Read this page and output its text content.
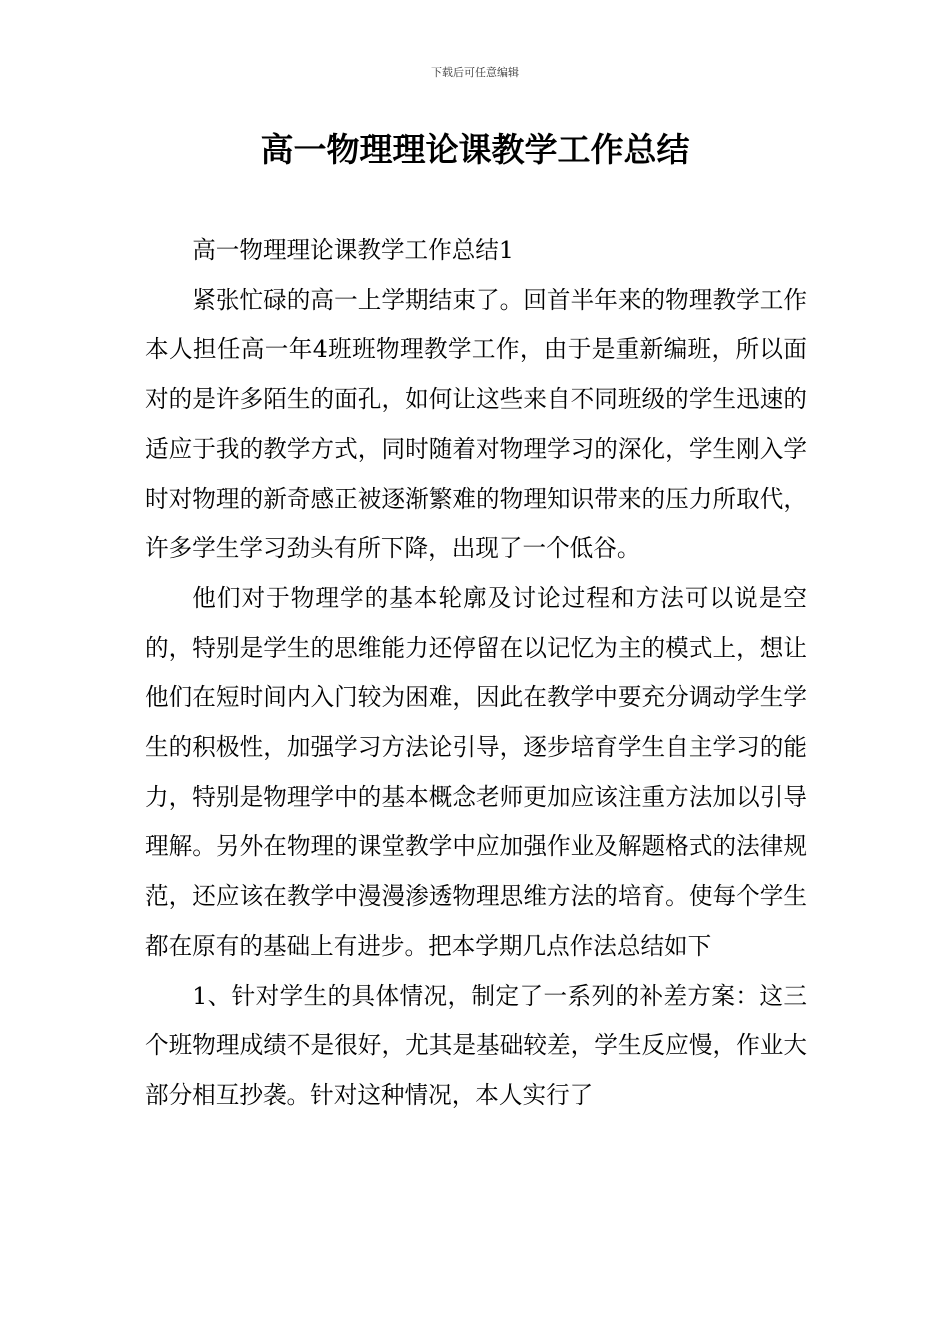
下载后可任意编辑
高一物理理论课教学工作总结

高一物理理论课教学工作总结1

紧张忙碌的高一上学期结束了。回首半年来的物理教学工作本人担任高一年4班班物理教学工作，由于是重新编班，所以面对的是许多陌生的面孔，如何让这些来自不同班级的学生迅速的适应于我的教学方式，同时随着对物理学习的深化，学生刚入学时对物理的新奇感正被逐渐繁难的物理知识带来的压力所取代，许多学生学习劲头有所下降，出现了一个低谷。

他们对于物理学的基本轮廓及讨论过程和方法可以说是空的，特别是学生的思维能力还停留在以记忆为主的模式上，想让他们在短时间内入门较为困难，因此在教学中要充分调动学生学生的积极性，加强学习方法论引导，逐步培育学生自主学习的能力，特别是物理学中的基本概念老师更加应该注重方法加以引导理解。另外在物理的课堂教学中应加强作业及解题格式的法律规范，还应该在教学中漫漫渗透物理思维方法的培育。使每个学生都在原有的基础上有进步。把本学期几点作法总结如下

1、针对学生的具体情况，制定了一系列的补差方案：这三个班物理成绩不是很好，尤其是基础较差，学生反应慢，作业大部分相互抄袭。针对这种情况，本人实行了
